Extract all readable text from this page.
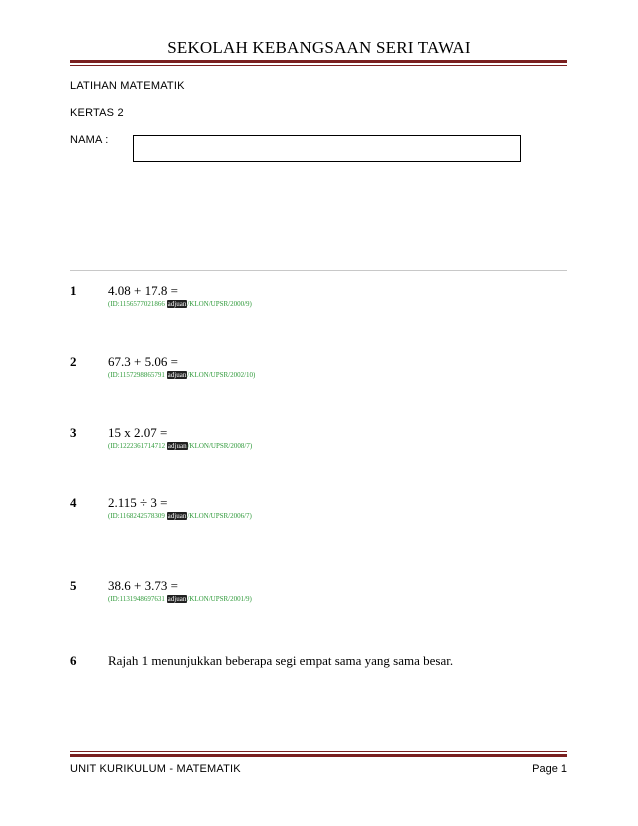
SEKOLAH KEBANGSAAN SERI TAWAI
LATIHAN MATEMATIK
KERTAS 2
NAMA :
1 4.08 + 17.8 =
(ID:1156577021866 adjuan/KLON/UPSR/2000/9)
2 67.3 + 5.06 =
(ID:1157298865791 adjuan/KLON/UPSR/2002/10)
3 15 x 2.07 =
(ID:1222361714712 adjuan/KLON/UPSR/2008/7)
4 2.115 ÷ 3 =
(ID:1168242578309 adjuan/KLON/UPSR/2006/7)
5 38.6 + 3.73 =
(ID:1131948697631 adjuan/KLON/UPSR/2001/9)
6 Rajah 1 menunjukkan beberapa segi empat sama yang sama besar.
UNIT KURIKULUM - MATEMATIK	Page 1
